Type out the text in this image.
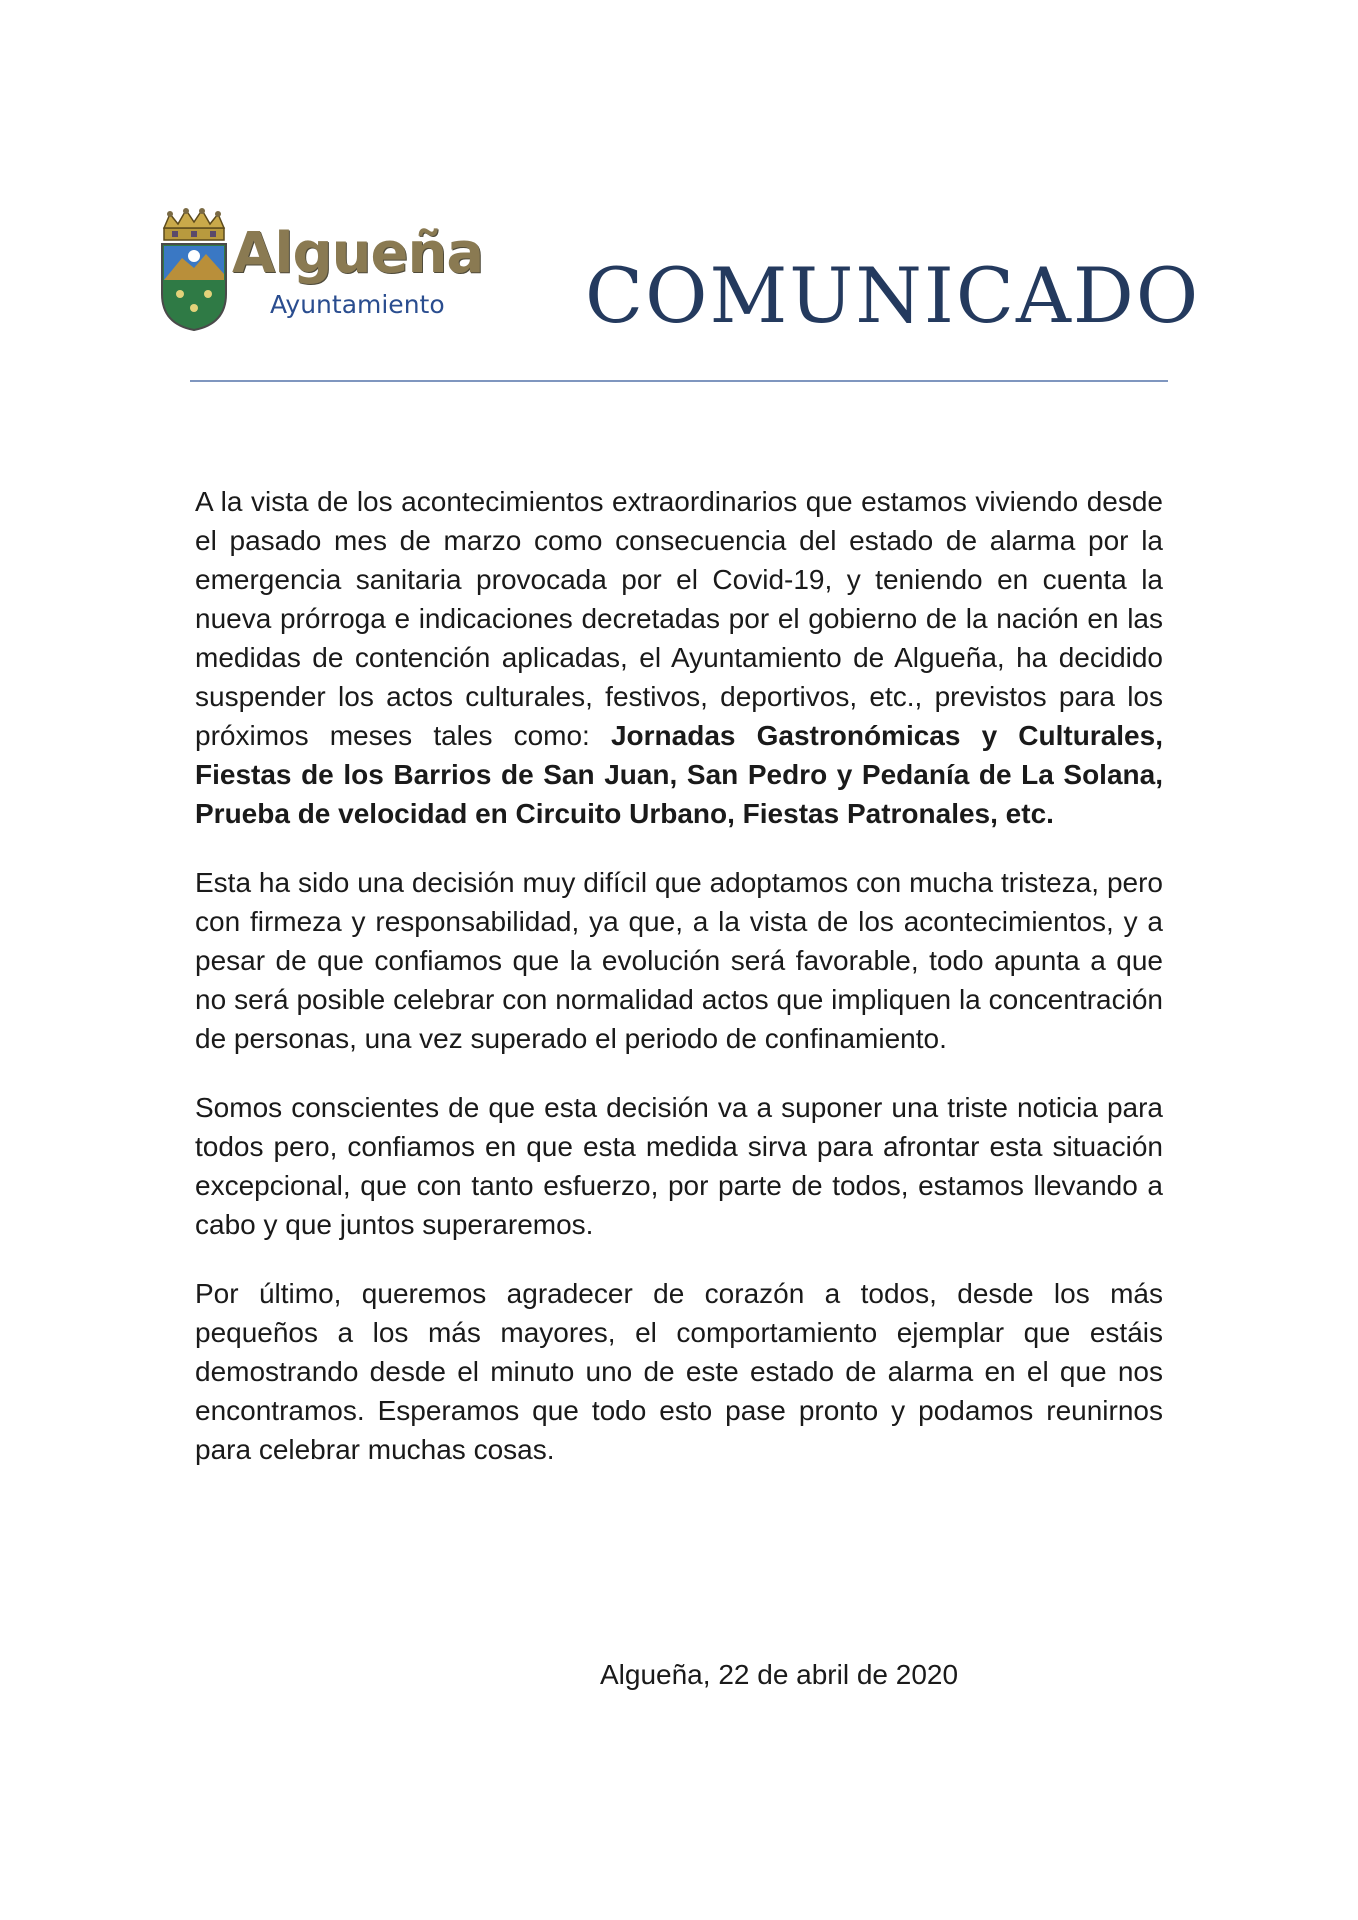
Algueña
Ayuntamiento COMUNICADO

A la vista de los acontecimientos extraordinarios que estamos viviendo desde el pasado mes de marzo como consecuencia del estado de alarma por la emergencia sanitaria provocada por el Covid-19, y teniendo en cuenta la nueva prórroga e indicaciones decretadas por el gobierno de la nación en las medidas de contención aplicadas, el Ayuntamiento de Algueña, ha decidido suspender los actos culturales, festivos, deportivos, etc., previstos para los próximos meses tales como: Jornadas Gastronómicas y Culturales, Fiestas de los Barrios de San Juan, San Pedro y Pedanía de La Solana, Prueba de velocidad en Circuito Urbano, Fiestas Patronales, etc.

Esta ha sido una decisión muy difícil que adoptamos con mucha tristeza, pero con firmeza y responsabilidad, ya que, a la vista de los acontecimientos, y a pesar de que confiamos que la evolución será favorable, todo apunta a que no será posible celebrar con normalidad actos que impliquen la concentración de personas, una vez superado el periodo de confinamiento.

Somos conscientes de que esta decisión va a suponer una triste noticia para todos pero, confiamos en que esta medida sirva para afrontar esta situación excepcional, que con tanto esfuerzo, por parte de todos, estamos llevando a cabo y que juntos superaremos.

Por último, queremos agradecer de corazón a todos, desde los más pequeños a los más mayores, el comportamiento ejemplar que estáis demostrando desde el minuto uno de este estado de alarma en el que nos encontramos. Esperamos que todo esto pase pronto y podamos reunirnos para celebrar muchas cosas.

Algueña, 22 de abril de 2020
